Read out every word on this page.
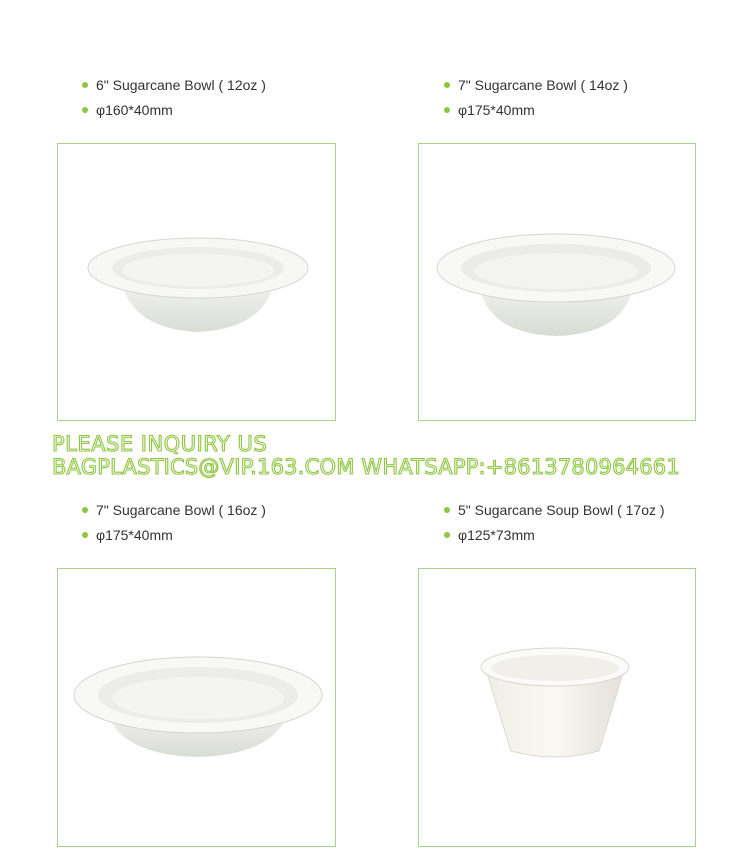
6" Sugarcane Bowl ( 12oz )
φ160*40mm
7" Sugarcane Bowl ( 14oz )
φ175*40mm
PLEASE INQUIRY US
BAGPLASTICS@VIP.163.COM WHATSAPP:+8613780964661
7" Sugarcane Bowl ( 16oz )
φ175*40mm
5" Sugarcane Soup Bowl ( 17oz )
φ125*73mm
